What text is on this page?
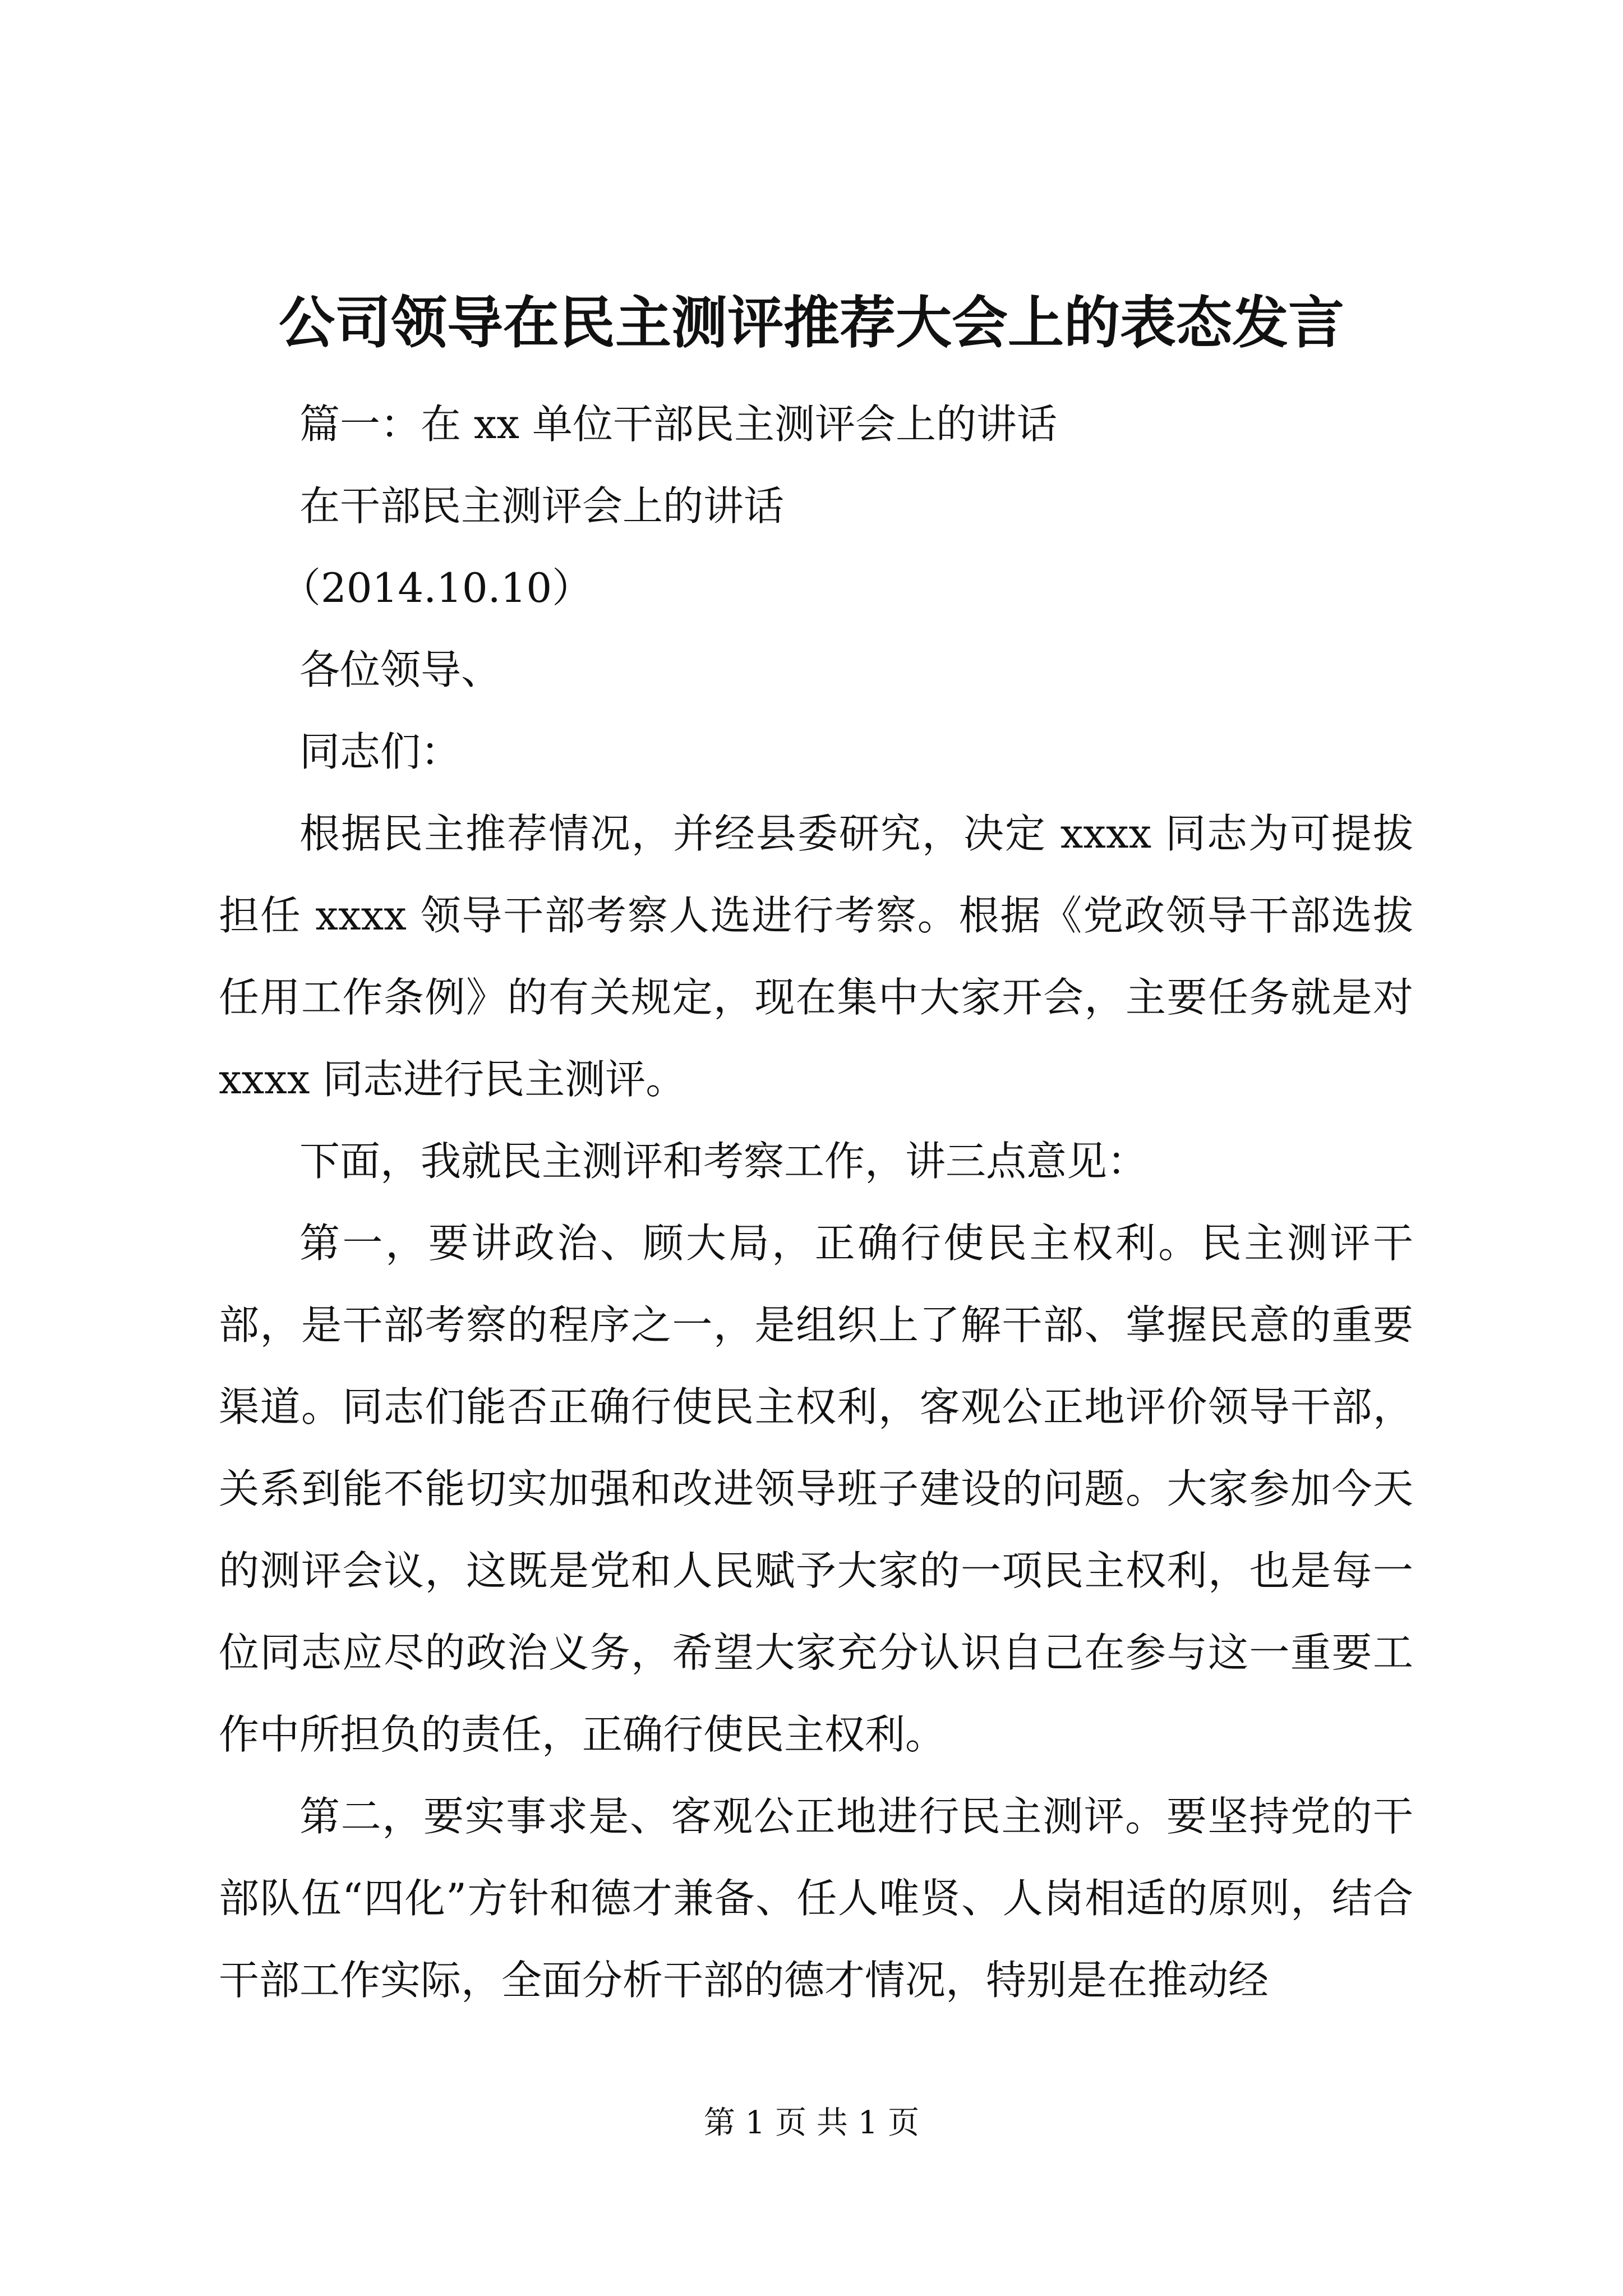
公司领导在民主测评推荐大会上的表态发言

篇一：在 xx 单位干部民主测评会上的讲话

在干部民主测评会上的讲话

（2014.10.10）

各位领导、

同志们：

根据民主推荐情况，并经县委研究，决定 xxxx 同志为可提拔担任 xxxx 领导干部考察人选进行考察。根据《党政领导干部选拔任用工作条例》的有关规定，现在集中大家开会，主要任务就是对 xxxx 同志进行民主测评。

下面，我就民主测评和考察工作，讲三点意见：

第一，要讲政治、顾大局，正确行使民主权利。民主测评干部，是干部考察的程序之一，是组织上了解干部、掌握民意的重要渠道。同志们能否正确行使民主权利，客观公正地评价领导干部，关系到能不能切实加强和改进领导班子建设的问题。大家参加今天的测评会议，这既是党和人民赋予大家的一项民主权利，也是每一位同志应尽的政治义务，希望大家充分认识自己在参与这一重要工作中所担负的责任，正确行使民主权利。

第二，要实事求是、客观公正地进行民主测评。要坚持党的干部队伍“四化”方针和德才兼备、任人唯贤、人岗相适的原则，结合干部工作实际，全面分析干部的德才情况，特别是在推动经

第 1 页 共 1 页
